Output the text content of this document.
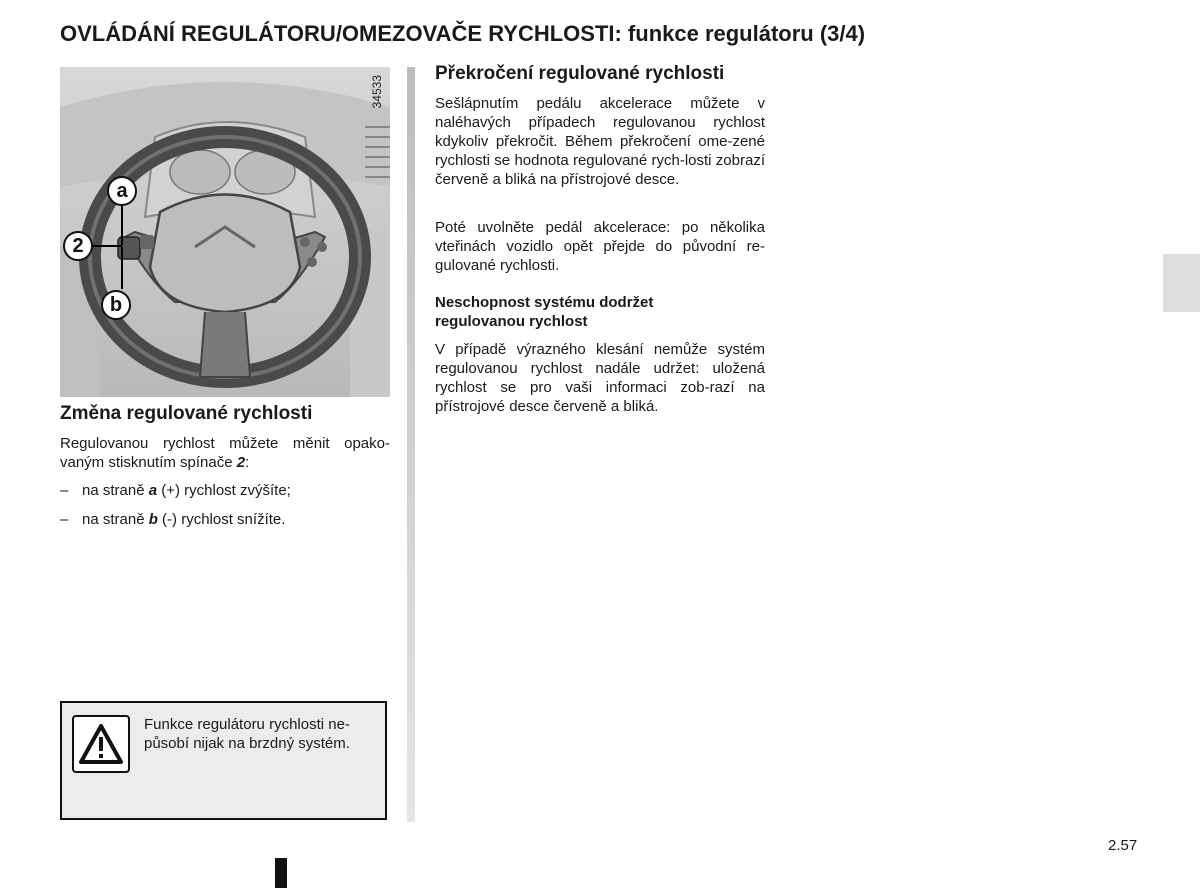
OVLÁDÁNÍ REGULÁTORU/OMEZOVAČE RYCHLOSTI: funkce regulátoru (3/4)
34533
a
2
b
Změna regulované rychlosti

Regulovanou rychlost můžete měnit opako-vaným stisknutím spínače 2:

– na straně a (+) rychlost zvýšíte;
– na straně b (-) rychlost snížíte.
Funkce regulátoru rychlosti ne-působí nijak na brzdný systém.
Překročení regulované rychlosti

Sešlápnutím pedálu akcelerace můžete v naléhavých případech regulovanou rychlost kdykoliv překročit. Během překročení ome-zené rychlosti se hodnota regulované rych-losti zobrazí červeně a bliká na přístrojové desce.

Poté uvolněte pedál akcelerace: po několika vteřinách vozidlo opět přejde do původní re-gulované rychlosti.

Neschopnost systému dodržet
regulovanou rychlost

V případě výrazného klesání nemůže systém regulovanou rychlost nadále udržet: uložená rychlost se pro vaši informaci zob-razí na přístrojové desce červeně a bliká.

2.57
